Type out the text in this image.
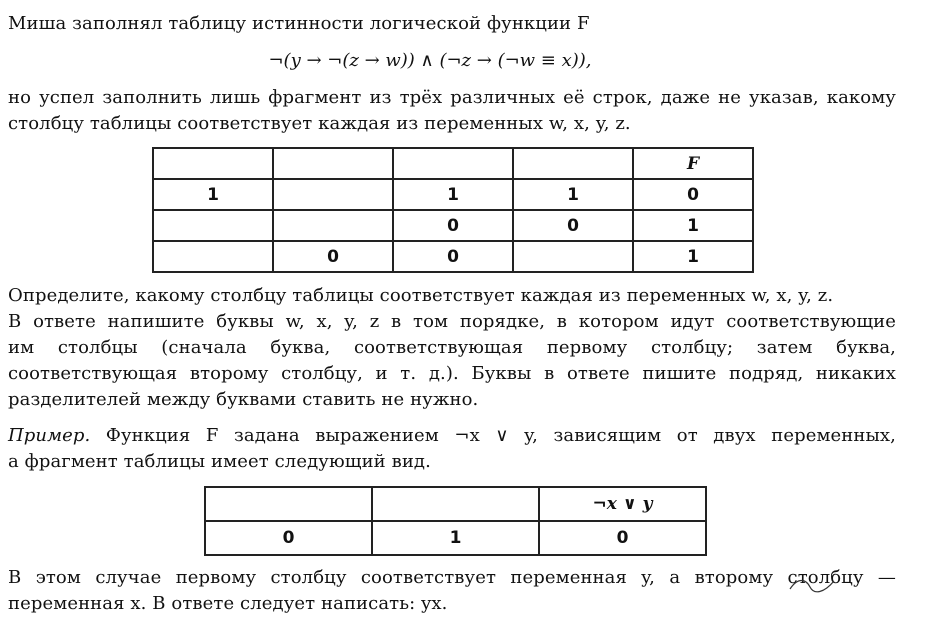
Миша заполнял таблицу истинности логической функции F
¬(y → ¬(z → w)) ∧ (¬z → (¬w ≡ x)),
но успел заполнить лишь фрагмент из трёх различных её строк, даже не указав, какому
столбцу таблицы соответствует каждая из переменных w, x, y, z.
				F
1		1	1	0
		0	0	1
	0	0		1
Определите, какому столбцу таблицы соответствует каждая из переменных w, x, y, z.
В ответе напишите буквы w, x, y, z в том порядке, в котором идут соответствующие
им столбцы (сначала буква, соответствующая первому столбцу; затем буква,
соответствующая второму столбцу, и т. д.). Буквы в ответе пишите подряд, никаких
разделителей между буквами ставить не нужно.
Пример. Функция F задана выражением ¬x ∨ y, зависящим от двух переменных,
а фрагмент таблицы имеет следующий вид.
		¬x ∨ y
0	1	0
В этом случае первому столбцу соответствует переменная y, а второму столбцу —
переменная x. В ответе следует написать: yx.
